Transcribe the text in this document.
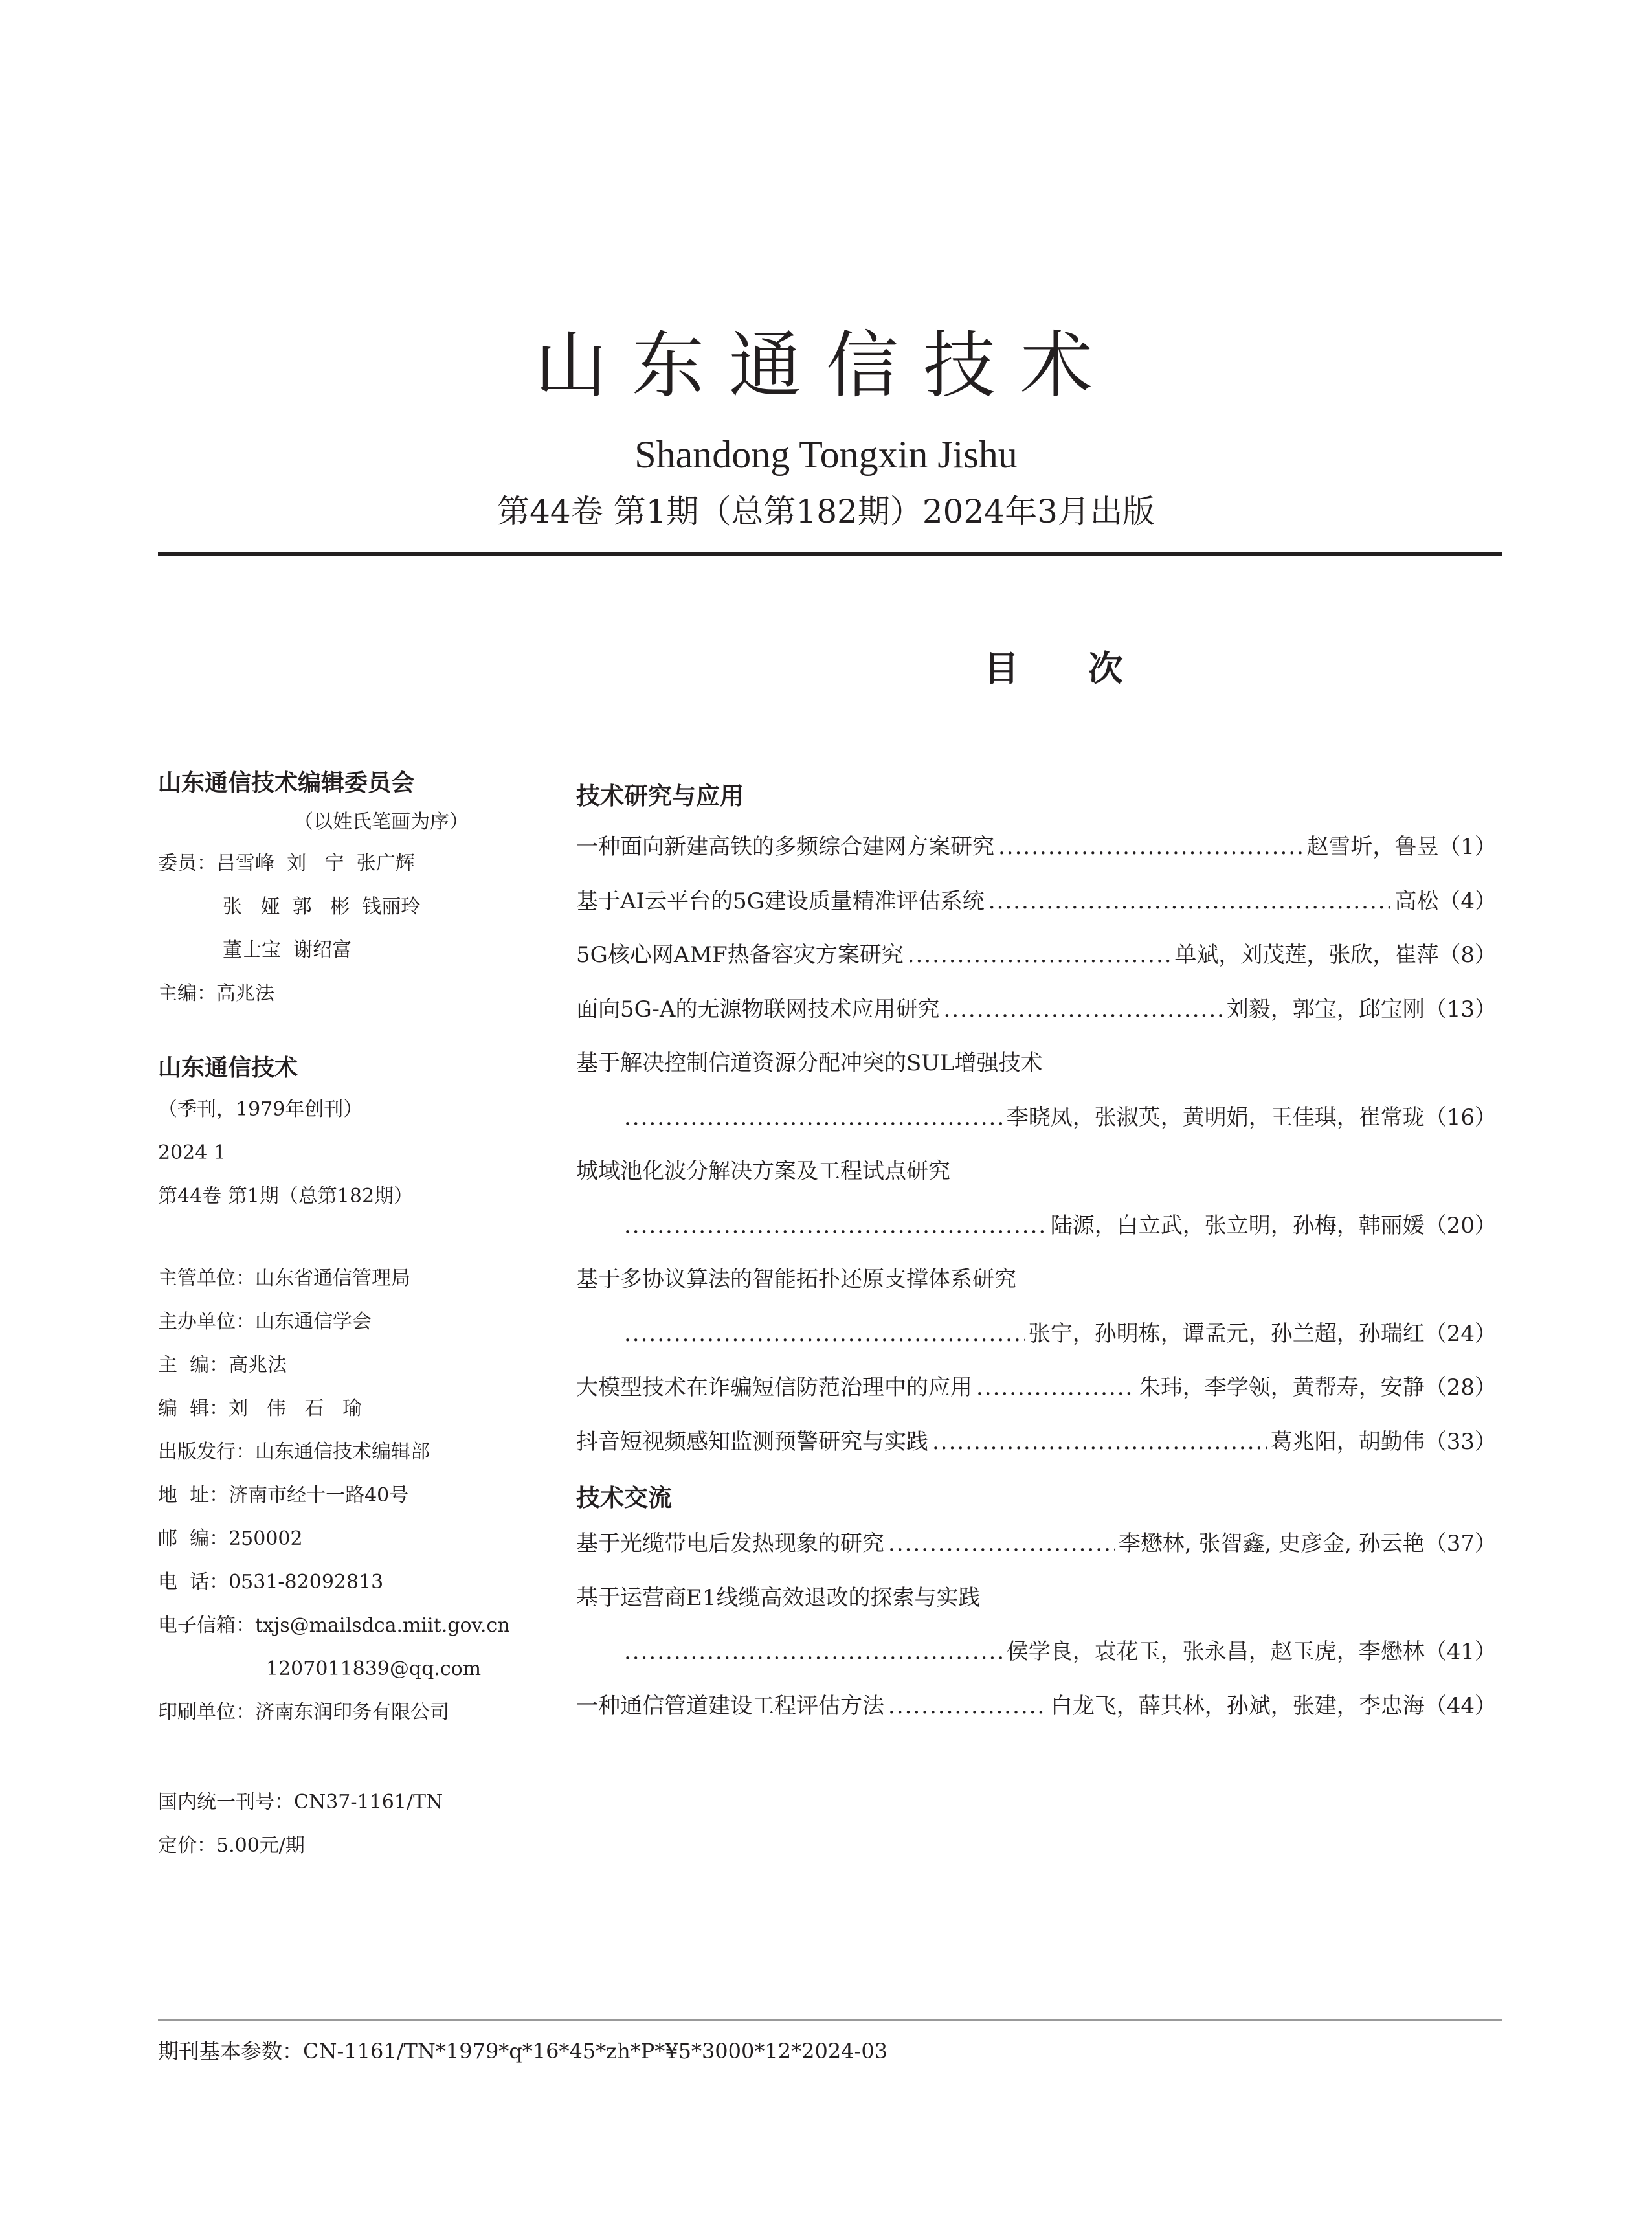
山东通信技术
Shandong Tongxin Jishu
第44卷 第1期（总第182期）2024年3月出版
目 次
山东通信技术编辑委员会
（以姓氏笔画为序）
委员：吕雪峰  刘   宁  张广辉
张   娅  郭   彬  钱丽玲
董士宝  谢绍富
主编：高兆法
山东通信技术
（季刊，1979年创刊）
2024 1
第44卷 第1期（总第182期）
主管单位：山东省通信管理局
主办单位：山东通信学会
主  编：高兆法
编  辑：刘   伟   石   瑜
出版发行：山东通信技术编辑部
地  址：济南市经十一路40号
邮  编：250002
电  话：0531-82092813
电子信箱：txjs@mailsdca.miit.gov.cn
1207011839@qq.com
印刷单位：济南东润印务有限公司
国内统一刊号：CN37-1161/TN
定价：5.00元/期
技术研究与应用
一种面向新建高铁的多频综合建网方案研究 .....	赵雪圻，鲁昱 （1）
基于AI云平台的5G建设质量精准评估系统 .....	高松 （4）
5G核心网AMF热备容灾方案研究 .....	单斌，刘茂莲，张欣，崔萍 （8）
面向5G-A的无源物联网技术应用研究 .....	刘毅，郭宝，邱宝刚 （13）
基于解决控制信道资源分配冲突的SUL增强技术
.....
李晓凤，张淑英，黄明娟，王佳琪，崔常珑 （16）
城域池化波分解决方案及工程试点研究
.....
陆源，白立武，张立明，孙梅，韩丽媛 （20）
基于多协议算法的智能拓扑还原支撑体系研究
.....
张宁，孙明栋，谭孟元，孙兰超，孙瑞红 （24）
大模型技术在诈骗短信防范治理中的应用 .....	朱玮，李学领，黄帮寿，安静 （28）
抖音短视频感知监测预警研究与实践 .....	葛兆阳，胡勤伟 （33）
技术交流
基于光缆带电后发热现象的研究 .....	李懋林, 张智鑫, 史彦金, 孙云艳 （37）
基于运营商E1线缆高效退改的探索与实践
.....
侯学良，袁花玉，张永昌，赵玉虎，李懋林 （41）
一种通信管道建设工程评估方法 .....	白龙飞，薛其林，孙斌，张建，李忠海 （44）
期刊基本参数：CN-1161/TN*1979*q*16*45*zh*P*¥5*3000*12*2024-03
